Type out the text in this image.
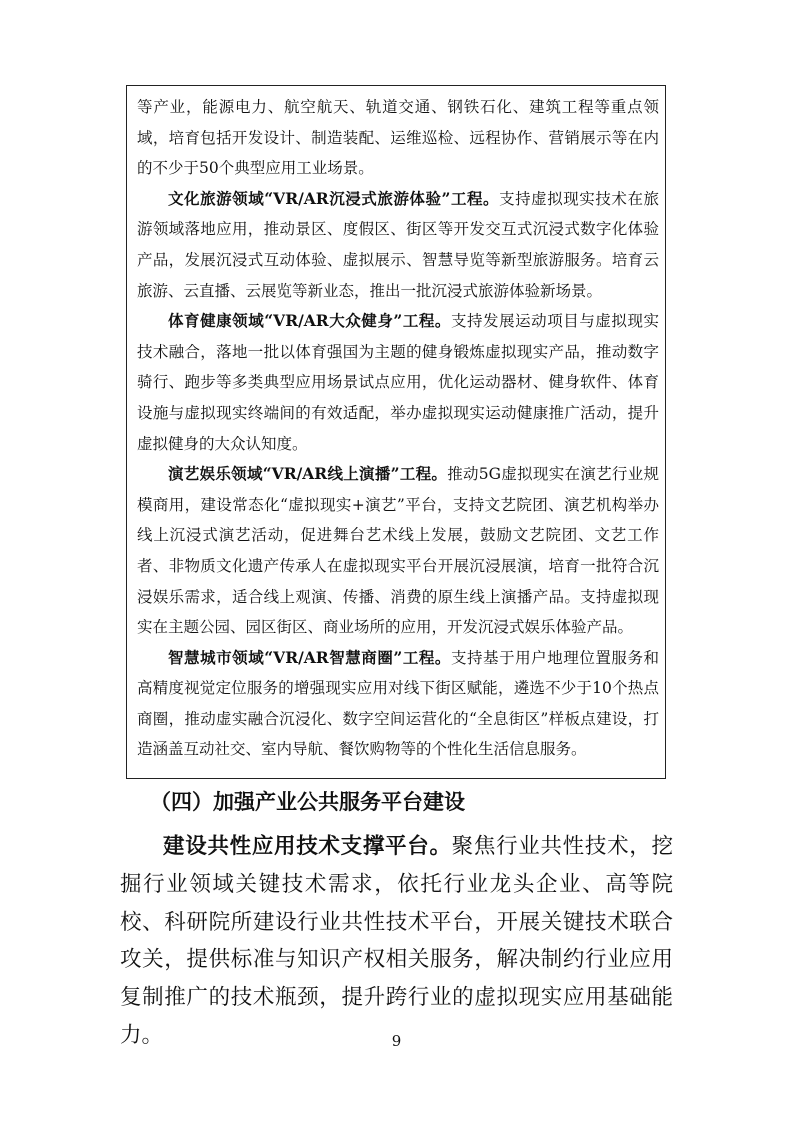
等产业，能源电力、航空航天、轨道交通、钢铁石化、建筑工程等重点领域，培育包括开发设计、制造装配、运维巡检、远程协作、营销展示等在内的不少于50个典型应用工业场景。

文化旅游领域“VR/AR沉浸式旅游体验”工程。支持虚拟现实技术在旅游领域落地应用，推动景区、度假区、街区等开发交互式沉浸式数字化体验产品，发展沉浸式互动体验、虚拟展示、智慧导览等新型旅游服务。培育云旅游、云直播、云展览等新业态，推出一批沉浸式旅游体验新场景。

体育健康领域“VR/AR大众健身”工程。支持发展运动项目与虚拟现实技术融合，落地一批以体育强国为主题的健身锻炼虚拟现实产品，推动数字骑行、跑步等多类典型应用场景试点应用，优化运动器材、健身软件、体育设施与虚拟现实终端间的有效适配，举办虚拟现实运动健康推广活动，提升虚拟健身的大众认知度。

演艺娱乐领域“VR/AR线上演播”工程。推动5G虚拟现实在演艺行业规模商用，建设常态化“虚拟现实+演艺”平台，支持文艺院团、演艺机构举办线上沉浸式演艺活动，促进舞台艺术线上发展，鼓励文艺院团、文艺工作者、非物质文化遗产传承人在虚拟现实平台开展沉浸展演，培育一批符合沉浸娱乐需求，适合线上观演、传播、消费的原生线上演播产品。支持虚拟现实在主题公园、园区街区、商业场所的应用，开发沉浸式娱乐体验产品。

智慧城市领域“VR/AR智慧商圈”工程。支持基于用户地理位置服务和高精度视觉定位服务的增强现实应用对线下街区赋能，遴选不少于10个热点商圈，推动虚实融合沉浸化、数字空间运营化的“全息街区”样板点建设，打造涵盖互动社交、室内导航、餐饮购物等的个性化生活信息服务。

（四）加强产业公共服务平台建设

建设共性应用技术支撑平台。聚焦行业共性技术，挖掘行业领域关键技术需求，依托行业龙头企业、高等院校、科研院所建设行业共性技术平台，开展关键技术联合攻关，提供标准与知识产权相关服务，解决制约行业应用复制推广的技术瓶颈，提升跨行业的虚拟现实应用基础能力。	9
